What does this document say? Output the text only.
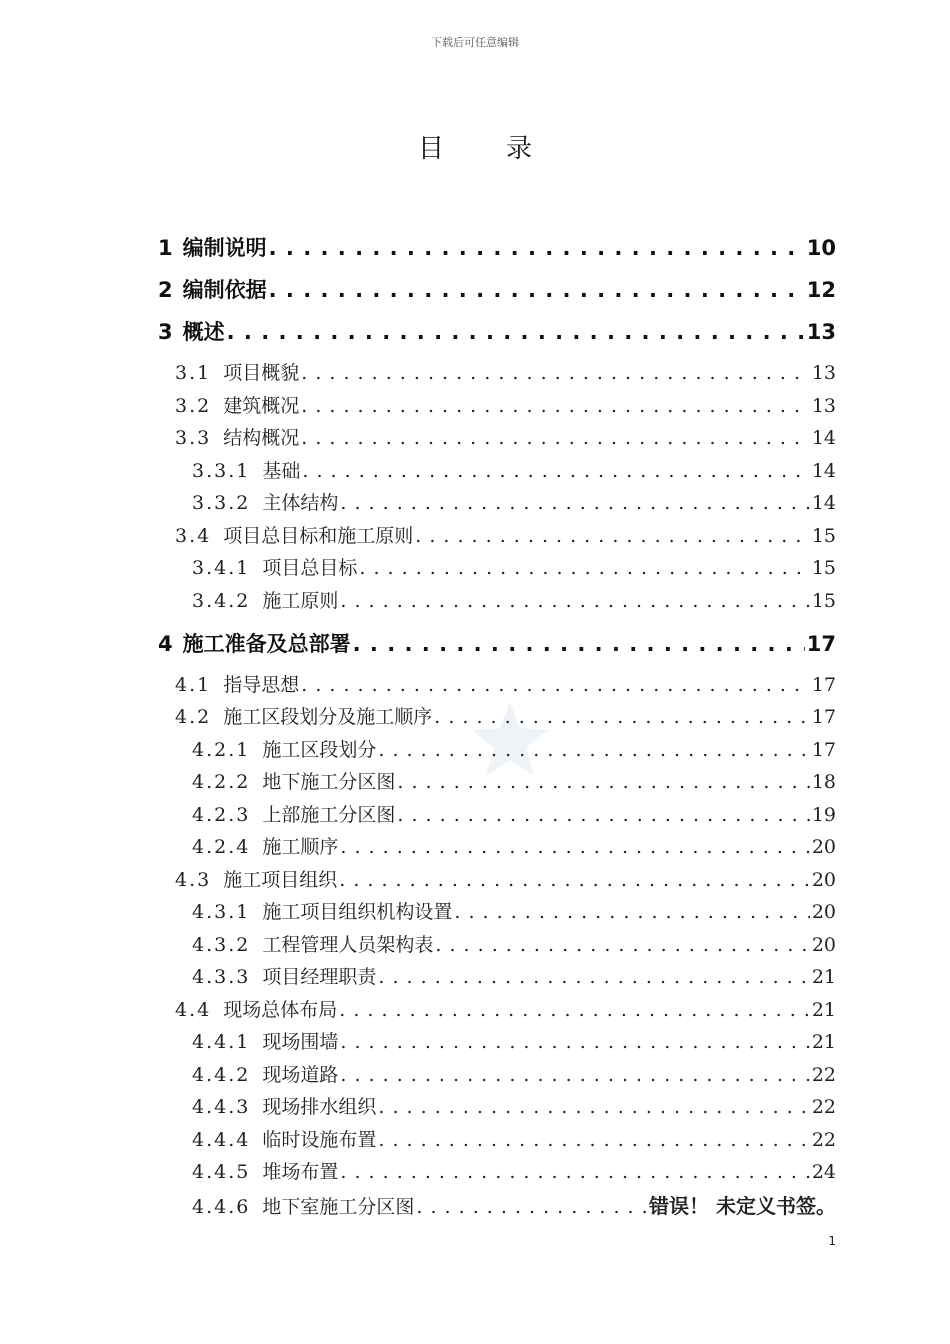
下载后可任意编辑
目录
1 编制说明 . . .	10
2 编制依据 . . .	12
3 概述 . . .	13
3.1 项目概貌 . . .	13
3.2 建筑概况 . . .	13
3.3 结构概况 . . .	14
3.3.1 基础 . . .	14
3.3.2 主体结构 . . .	14
3.4 项目总目标和施工原则 . . .	15
3.4.1 项目总目标 . . .	15
3.4.2 施工原则 . . .	15
4 施工准备及总部署 . . .	17
4.1 指导思想 . . .	17
4.2 施工区段划分及施工顺序 . . .	17
4.2.1 施工区段划分 . . .	17
4.2.2 地下施工分区图 . . .	18
4.2.3 上部施工分区图 . . .	19
4.2.4 施工顺序 . . .	20
4.3 施工项目组织 . . .	20
4.3.1 施工项目组织机构设置 . . .	20
4.3.2 工程管理人员架构表 . . .	20
4.3.3 项目经理职责 . . .	21
4.4 现场总体布局 . . .	21
4.4.1 现场围墙 . . .	21
4.4.2 现场道路 . . .	22
4.4.3 现场排水组织 . . .	22
4.4.4 临时设施布置 . . .	22
4.4.5 堆场布置 . . .	24
4.4.6 地下室施工分区图 . . .	错误！ 未定义书签。
1
